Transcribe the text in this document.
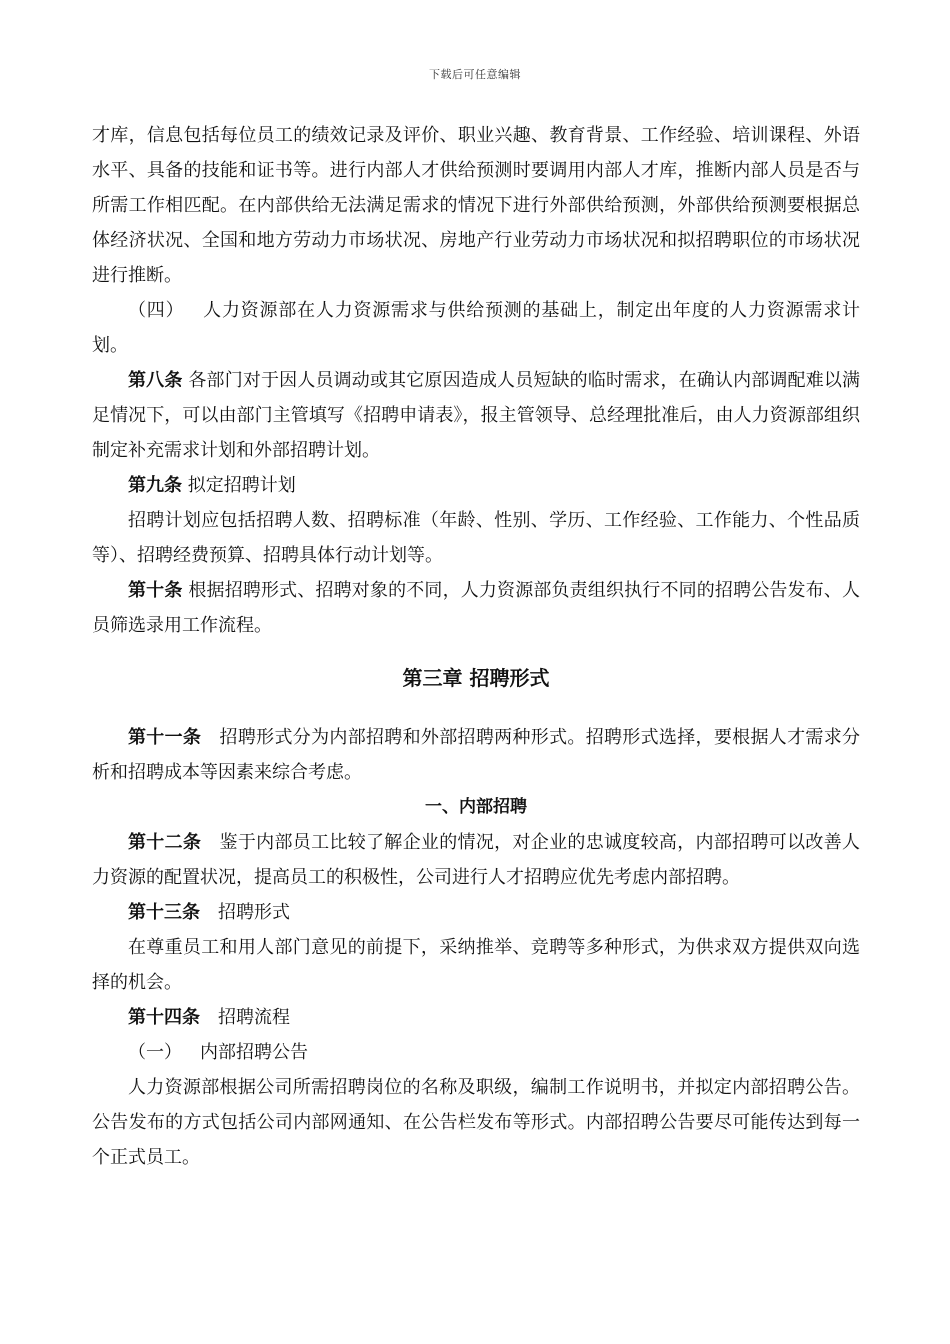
下载后可任意编辑

才库，信息包括每位员工的绩效记录及评价、职业兴趣、教育背景、工作经验、培训课程、外语水平、具备的技能和证书等。进行内部人才供给预测时要调用内部人才库，推断内部人员是否与所需工作相匹配。在内部供给无法满足需求的情况下进行外部供给预测，外部供给预测要根据总体经济状况、全国和地方劳动力市场状况、房地产行业劳动力市场状况和拟招聘职位的市场状况进行推断。

（四） 人力资源部在人力资源需求与供给预测的基础上，制定出年度的人力资源需求计划。

第八条 各部门对于因人员调动或其它原因造成人员短缺的临时需求，在确认内部调配难以满足情况下，可以由部门主管填写《招聘申请表》，报主管领导、总经理批准后，由人力资源部组织制定补充需求计划和外部招聘计划。

第九条 拟定招聘计划

招聘计划应包括招聘人数、招聘标准（年龄、性别、学历、工作经验、工作能力、个性品质等）、招聘经费预算、招聘具体行动计划等。

第十条 根据招聘形式、招聘对象的不同，人力资源部负责组织执行不同的招聘公告发布、人员筛选录用工作流程。

第三章 招聘形式

第十一条 招聘形式分为内部招聘和外部招聘两种形式。招聘形式选择，要根据人才需求分析和招聘成本等因素来综合考虑。

一、内部招聘

第十二条 鉴于内部员工比较了解企业的情况，对企业的忠诚度较高，内部招聘可以改善人力资源的配置状况，提高员工的积极性，公司进行人才招聘应优先考虑内部招聘。

第十三条 招聘形式

在尊重员工和用人部门意见的前提下，采纳推举、竞聘等多种形式，为供求双方提供双向选择的机会。

第十四条 招聘流程

（一） 内部招聘公告

人力资源部根据公司所需招聘岗位的名称及职级，编制工作说明书，并拟定内部招聘公告。公告发布的方式包括公司内部网通知、在公告栏发布等形式。内部招聘公告要尽可能传达到每一个正式员工。
